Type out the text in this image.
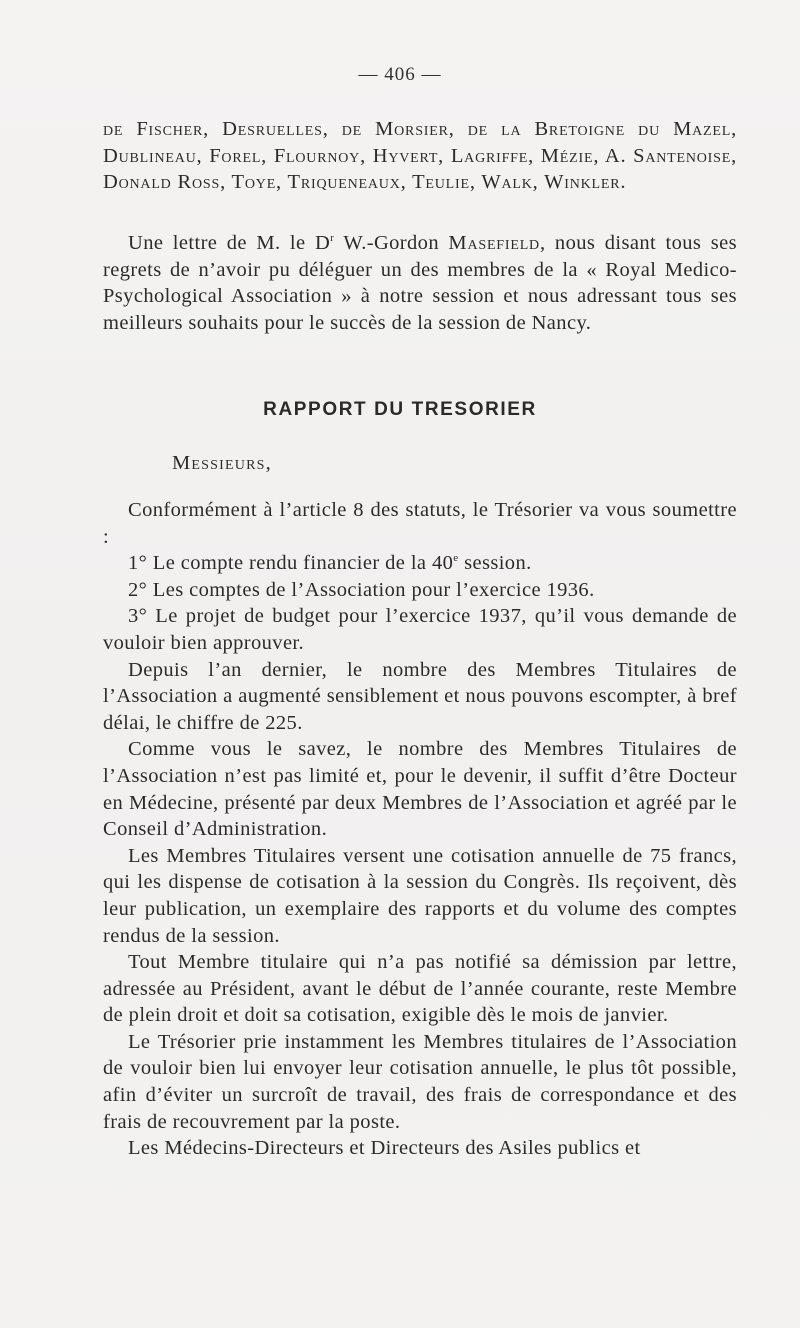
— 406 —

de Fischer, Desruelles, de Morsier, de la Bretoigne du Mazel, Dublineau, Forel, Flournoy, Hyvert, Lagriffe, Mézie, A. Santenoise, Donald Ross, Toye, Triqueneaux, Teulie, Walk, Winkler.

Une lettre de M. le $D^r$ W.-Gordon Masefield, nous disant tous ses regrets de n’avoir pu déléguer un des membres de la « Royal Medico-Psychological Association » à notre session et nous adressant tous ses meilleurs souhaits pour le succès de la session de Nancy.

RAPPORT DU TRESORIER
Messieurs,

Conformément à l’article 8 des statuts, le Trésorier va vous soumettre :

1° Le compte rendu financier de la 40e session.

2° Les comptes de l’Association pour l’exercice 1936.

3° Le projet de budget pour l’exercice 1937, qu’il vous demande de vouloir bien approuver.

Depuis l’an dernier, le nombre des Membres Titulaires de l’Association a augmenté sensiblement et nous pouvons escompter, à bref délai, le chiffre de 225.

Comme vous le savez, le nombre des Membres Titulaires de l’Association n’est pas limité et, pour le devenir, il suffit d’être Docteur en Médecine, présenté par deux Membres de l’Association et agréé par le Conseil d’Administration.

Les Membres Titulaires versent une cotisation annuelle de 75 francs, qui les dispense de cotisation à la session du Congrès. Ils reçoivent, dès leur publication, un exemplaire des rapports et du volume des comptes rendus de la session.

Tout Membre titulaire qui n’a pas notifié sa démission par lettre, adressée au Président, avant le début de l’année courante, reste Membre de plein droit et doit sa cotisation, exigible dès le mois de janvier.

Le Trésorier prie instamment les Membres titulaires de l’Association de vouloir bien lui envoyer leur cotisation annuelle, le plus tôt possible, afin d’éviter un surcroît de travail, des frais de correspondance et des frais de recouvrement par la poste.

Les Médecins-Directeurs et Directeurs des Asiles publics et
